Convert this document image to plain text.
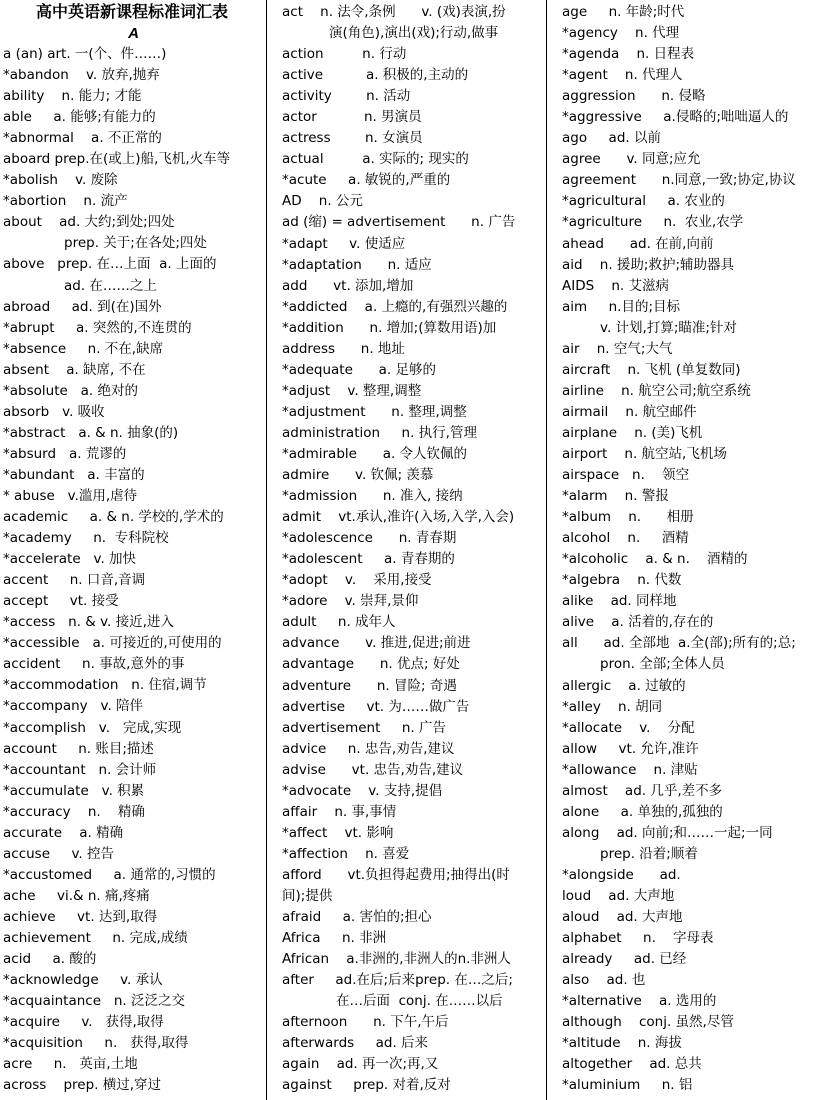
高中英语新课程标准词汇表
A
a (an) art. 一(个、件……)
*abandon    v. 放弃,抛弃
ability    n. 能力; 才能
able     a. 能够;有能力的
*abnormal    a. 不正常的
aboard prep.在(或上)船,飞机,火车等
*abolish    v. 废除
*abortion    n. 流产
about    ad. 大约;到处;四处
prep. 关于;在各处;四处
above   prep. 在…上面  a. 上面的
ad. 在……之上
abroad     ad. 到(在)国外
*abrupt     a. 突然的,不连贯的
*absence     n. 不在,缺席
absent    a. 缺席, 不在
*absolute   a. 绝对的
absorb   v. 吸收
*abstract   a. & n. 抽象(的)
*absurd   a. 荒谬的
*abundant   a. 丰富的
* abuse   v.滥用,虐待
academic     a. & n. 学校的,学术的
*academy     n.  专科院校
*accelerate   v. 加快
accent     n. 口音,音调
accept     vt. 接受
*access   n. & v. 接近,进入
*accessible   a. 可接近的,可使用的
accident     n. 事故,意外的事
*accommodation   n. 住宿,调节
*accompany   v. 陪伴
*accomplish   v.   完成,实现
account     n. 账目;描述
*accountant   n. 会计师
*accumulate   v. 积累
*accuracy    n.    精确
accurate    a. 精确
accuse     v. 控告
*accustomed     a. 通常的,习惯的
ache     vi.& n. 痛,疼痛
achieve     vt. 达到,取得
achievement     n. 完成,成绩
acid     a. 酸的
*acknowledge     v. 承认
*acquaintance   n. 泛泛之交
*acquire     v.   获得,取得
*acquisition     n.   获得,取得
acre     n.   英亩,土地
across    prep. 横过,穿过
act    n. 法令,条例      v. (戏)表演,扮
演(角色),演出(戏);行动,做事
action         n. 行动
active          a. 积极的,主动的
activity        n. 活动
actor           n. 男演员
actress        n. 女演员
actual         a. 实际的; 现实的
*acute     a. 敏锐的,严重的
AD    n. 公元
ad (缩) = advertisement      n. 广告
*adapt     v. 使适应
*adaptation      n. 适应
add      vt. 添加,增加
*addicted    a. 上瘾的,有强烈兴趣的
*addition      n. 增加;(算数用语)加
address      n. 地址
*adequate      a. 足够的
*adjust    v. 整理,调整
*adjustment      n. 整理,调整
administration     n. 执行,管理
*admirable      a. 令人钦佩的
admire      v. 钦佩; 羡慕
*admission      n. 准入, 接纳
admit    vt.承认,准许(入场,入学,入会)
*adolescence      n. 青春期
*adolescent     a. 青春期的
*adopt    v.    采用,接受
*adore    v. 崇拜,景仰
adult     n. 成年人
advance      v. 推进,促进;前进
advantage      n. 优点; 好处
adventure      n. 冒险; 奇遇
advertise     vt. 为……做广告
advertisement     n. 广告
advice     n. 忠告,劝告,建议
advise      vt. 忠告,劝告,建议
*advocate    v. 支持,提倡
affair    n. 事,事情
*affect    vt. 影响
*affection    n. 喜爱
afford      vt.负担得起费用;抽得出(时
间);提供
afraid     a. 害怕的;担心
Africa     n. 非洲
African    a.非洲的,非洲人的n.非洲人
after     ad.在后;后来prep. 在…之后;
在…后面  conj. 在……以后
afternoon      n. 下午,午后
afterwards     ad. 后来
again    ad. 再一次;再,又
against     prep. 对着,反对
age     n. 年龄;时代
*agency    n. 代理
*agenda    n. 日程表
*agent    n. 代理人
aggression      n. 侵略
*aggressive     a.侵略的;咄咄逼人的
ago     ad. 以前
agree      v. 同意;应允
agreement      n.同意,一致;协定,协议
*agricultural     a. 农业的
*agriculture     n.  农业,农学
ahead      ad. 在前,向前
aid    n. 援助;救护;辅助器具
AIDS    n. 艾滋病
aim     n.目的;目标
v. 计划,打算;瞄准;针对
air    n. 空气;大气
aircraft    n. 飞机 (单复数同)
airline    n. 航空公司;航空系统
airmail    n. 航空邮件
airplane    n. (美)飞机
airport    n. 航空站,飞机场
airspace   n.    领空
*alarm    n. 警报
*album    n.      相册
alcohol    n.     酒精
*alcoholic    a. & n.    酒精的
*algebra    n. 代数
alike    ad. 同样地
alive    a. 活着的,存在的
all      ad. 全部地  a.全(部);所有的;总;
pron. 全部;全体人员
allergic    a. 过敏的
*alley    n. 胡同
*allocate    v.    分配
allow     vt. 允许,准许
*allowance    n. 津贴
almost    ad. 几乎,差不多
alone     a. 单独的,孤独的
along    ad. 向前;和……一起;一同
prep. 沿着;顺着
*alongside      ad.
loud    ad. 大声地
aloud    ad. 大声地
alphabet     n.    字母表
already     ad. 已经
also    ad. 也
*alternative    a. 选用的
although    conj. 虽然,尽管
*altitude    n. 海拔
altogether    ad. 总共
*aluminium     n. 铝
